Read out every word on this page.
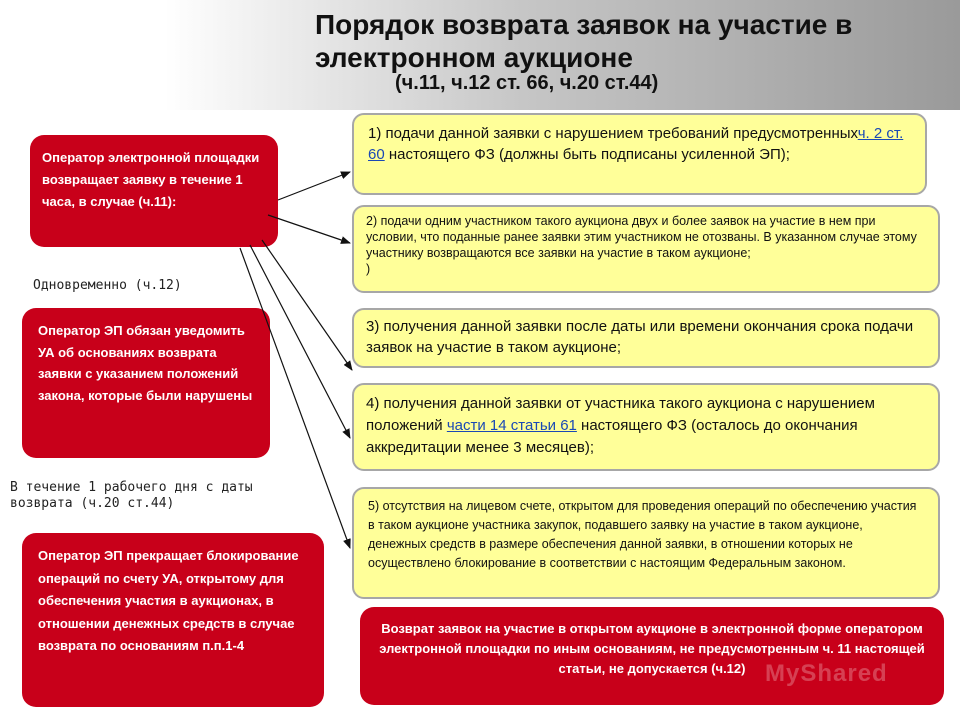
Порядок возврата заявок на участие в электронном аукционе
(ч.11, ч.12 ст. 66, ч.20 ст.44)
Оператор электронной площадки возвращает заявку в течение 1 часа, в случае (ч.11):
Одновременно (ч.12)
Оператор ЭП обязан уведомить УА об основаниях возврата заявки с указанием положений закона, которые были нарушены
В течение 1 рабочего дня с даты возврата (ч.20 ст.44)
Оператор ЭП прекращает блокирование операций по счету УА, открытому для обеспечения участия в аукционах, в отношении денежных средств в случае возврата по основаниям п.п.1-4
1) подачи данной заявки с нарушением требований предусмотренныхч. 2 ст. 60 настоящего ФЗ (должны быть подписаны усиленной ЭП);
2) подачи одним участником такого аукциона двух и более заявок на участие в нем при условии, что поданные ранее заявки этим участником не отозваны. В указанном случае этому участнику возвращаются все заявки на участие в таком аукционе;
)
3) получения данной заявки после даты или времени окончания срока подачи заявок на участие в таком аукционе;
4) получения данной заявки от участника такого аукциона с нарушением положений части 14 статьи 61 настоящего ФЗ (осталось до окончания аккредитации менее 3 месяцев);
5) отсутствия на лицевом счете, открытом для проведения операций по обеспечению участия в таком аукционе участника закупок, подавшего заявку на участие в таком аукционе, денежных средств в размере обеспечения данной заявки, в отношении которых не осуществлено блокирование в соответствии с настоящим Федеральным законом.
Возврат заявок на участие в открытом аукционе в электронной форме оператором электронной площадки по иным основаниям, не предусмотренным ч. 11 настоящей статьи, не допускается (ч.12) MyShared
